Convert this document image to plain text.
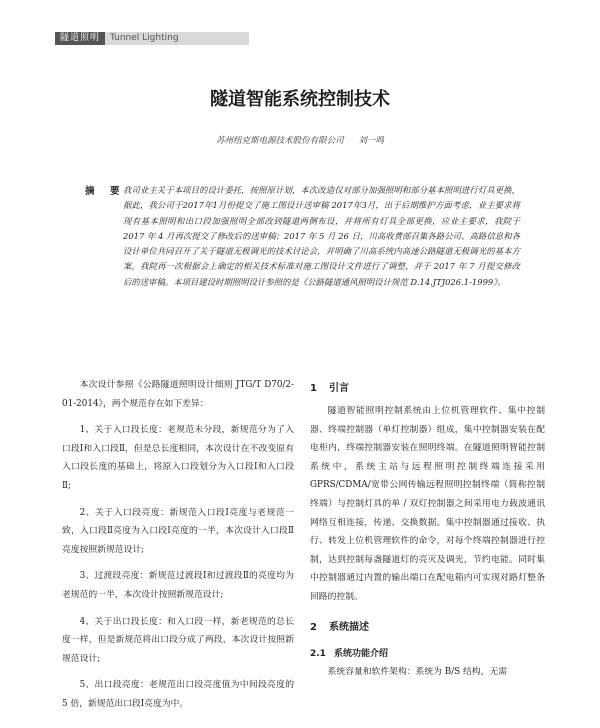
隧道照明	Tunnel Lighting
隧道智能系统控制技术
苏州纽克斯电源技术股份有限公司 刘一鸣
摘　要 我司业主关于本项目的设计委托，按照原计划，本次改造仅对部分加强照明和部分基本照明进行灯具更换，据此，我公司于2017年1月份提交了施工图设计送审稿 2017年3月，出于后期维护方面考虑，业主要求将现有基本照明和出口段加强照明全部改到隧道两侧布设，并将所有灯具全部更换，应业主要求，我院于 2017 年 4 月再次提交了修改后的送审稿；2017 年 5 月 26 日，川高收费部召集各路公司、高路信息和各设计单位共同召开了关于隧道无极调光的技术讨论会，并明确了川高系统内高速公路隧道无极调光的基本方案，我院再一次根据会上确定的相关技术标准对施工图设计文件进行了调整，并于 2017 年 7 月提交修改后的送审稿。本项目建设时期照明设计参照的是《公路隧道通风照明设计规范 D.14.JTJ026.1-1999》。

本次设计参照《公路隧道照明设计细则 JTG/T D70/2-01-2014》，两个规范存在如下差异：

1、关于入口段长度：老规范未分段，新规范分为了入口段Ⅰ和入口段Ⅱ，但是总长度相同，本次设计在不改变原有入口段长度的基础上，将原入口段划分为入口段Ⅰ和入口段Ⅱ;

2、关于入口段亮度：新规范入口段Ⅰ亮度与老规范一致，入口段Ⅱ亮度为入口段Ⅰ亮度的一半，本次设计入口段Ⅱ亮度按照新规范设计;

3、过渡段亮度：新规范过渡段Ⅰ和过渡段Ⅱ的亮度均为老规范的一半，本次设计按照新规范设计;

4、关于出口段长度：和入口段一样，新老规范的总长度一样，但是新规范将出口段分成了两段，本次设计按照新规范设计;

5、出口段亮度：老规范出口段亮度值为中间段亮度的 5 倍，新规范出口段Ⅰ亮度为中。

1 引言

隧道智能照明控制系统由上位机管理软件、集中控制器、终端控制器（单灯控制器）组成，集中控制器安装在配电柜内，终端控制器安装在照明终端。在隧道照明智能控制系统中，系统主站与远程照明控制终端连接采用 GPRS/CDMA/宽带公网传输远程照明控制终端（简称控制终端）与控制灯具的单 / 双灯控制器之间采用电力载波通讯网络互相连接，传递、交换数据。集中控制器通过接收、执行、转发上位机管理软件的命令，对每个终端控制器进行控制，达到控制每盏隧道灯的亮灭及调光，节约电能。同时集中控制器通过内置的输出端口在配电箱内可实现对路灯整条回路的控制。

2 系统描述
2.1 系统功能介绍

系统容量和软件架构：系统为 B/S 结构，无需
